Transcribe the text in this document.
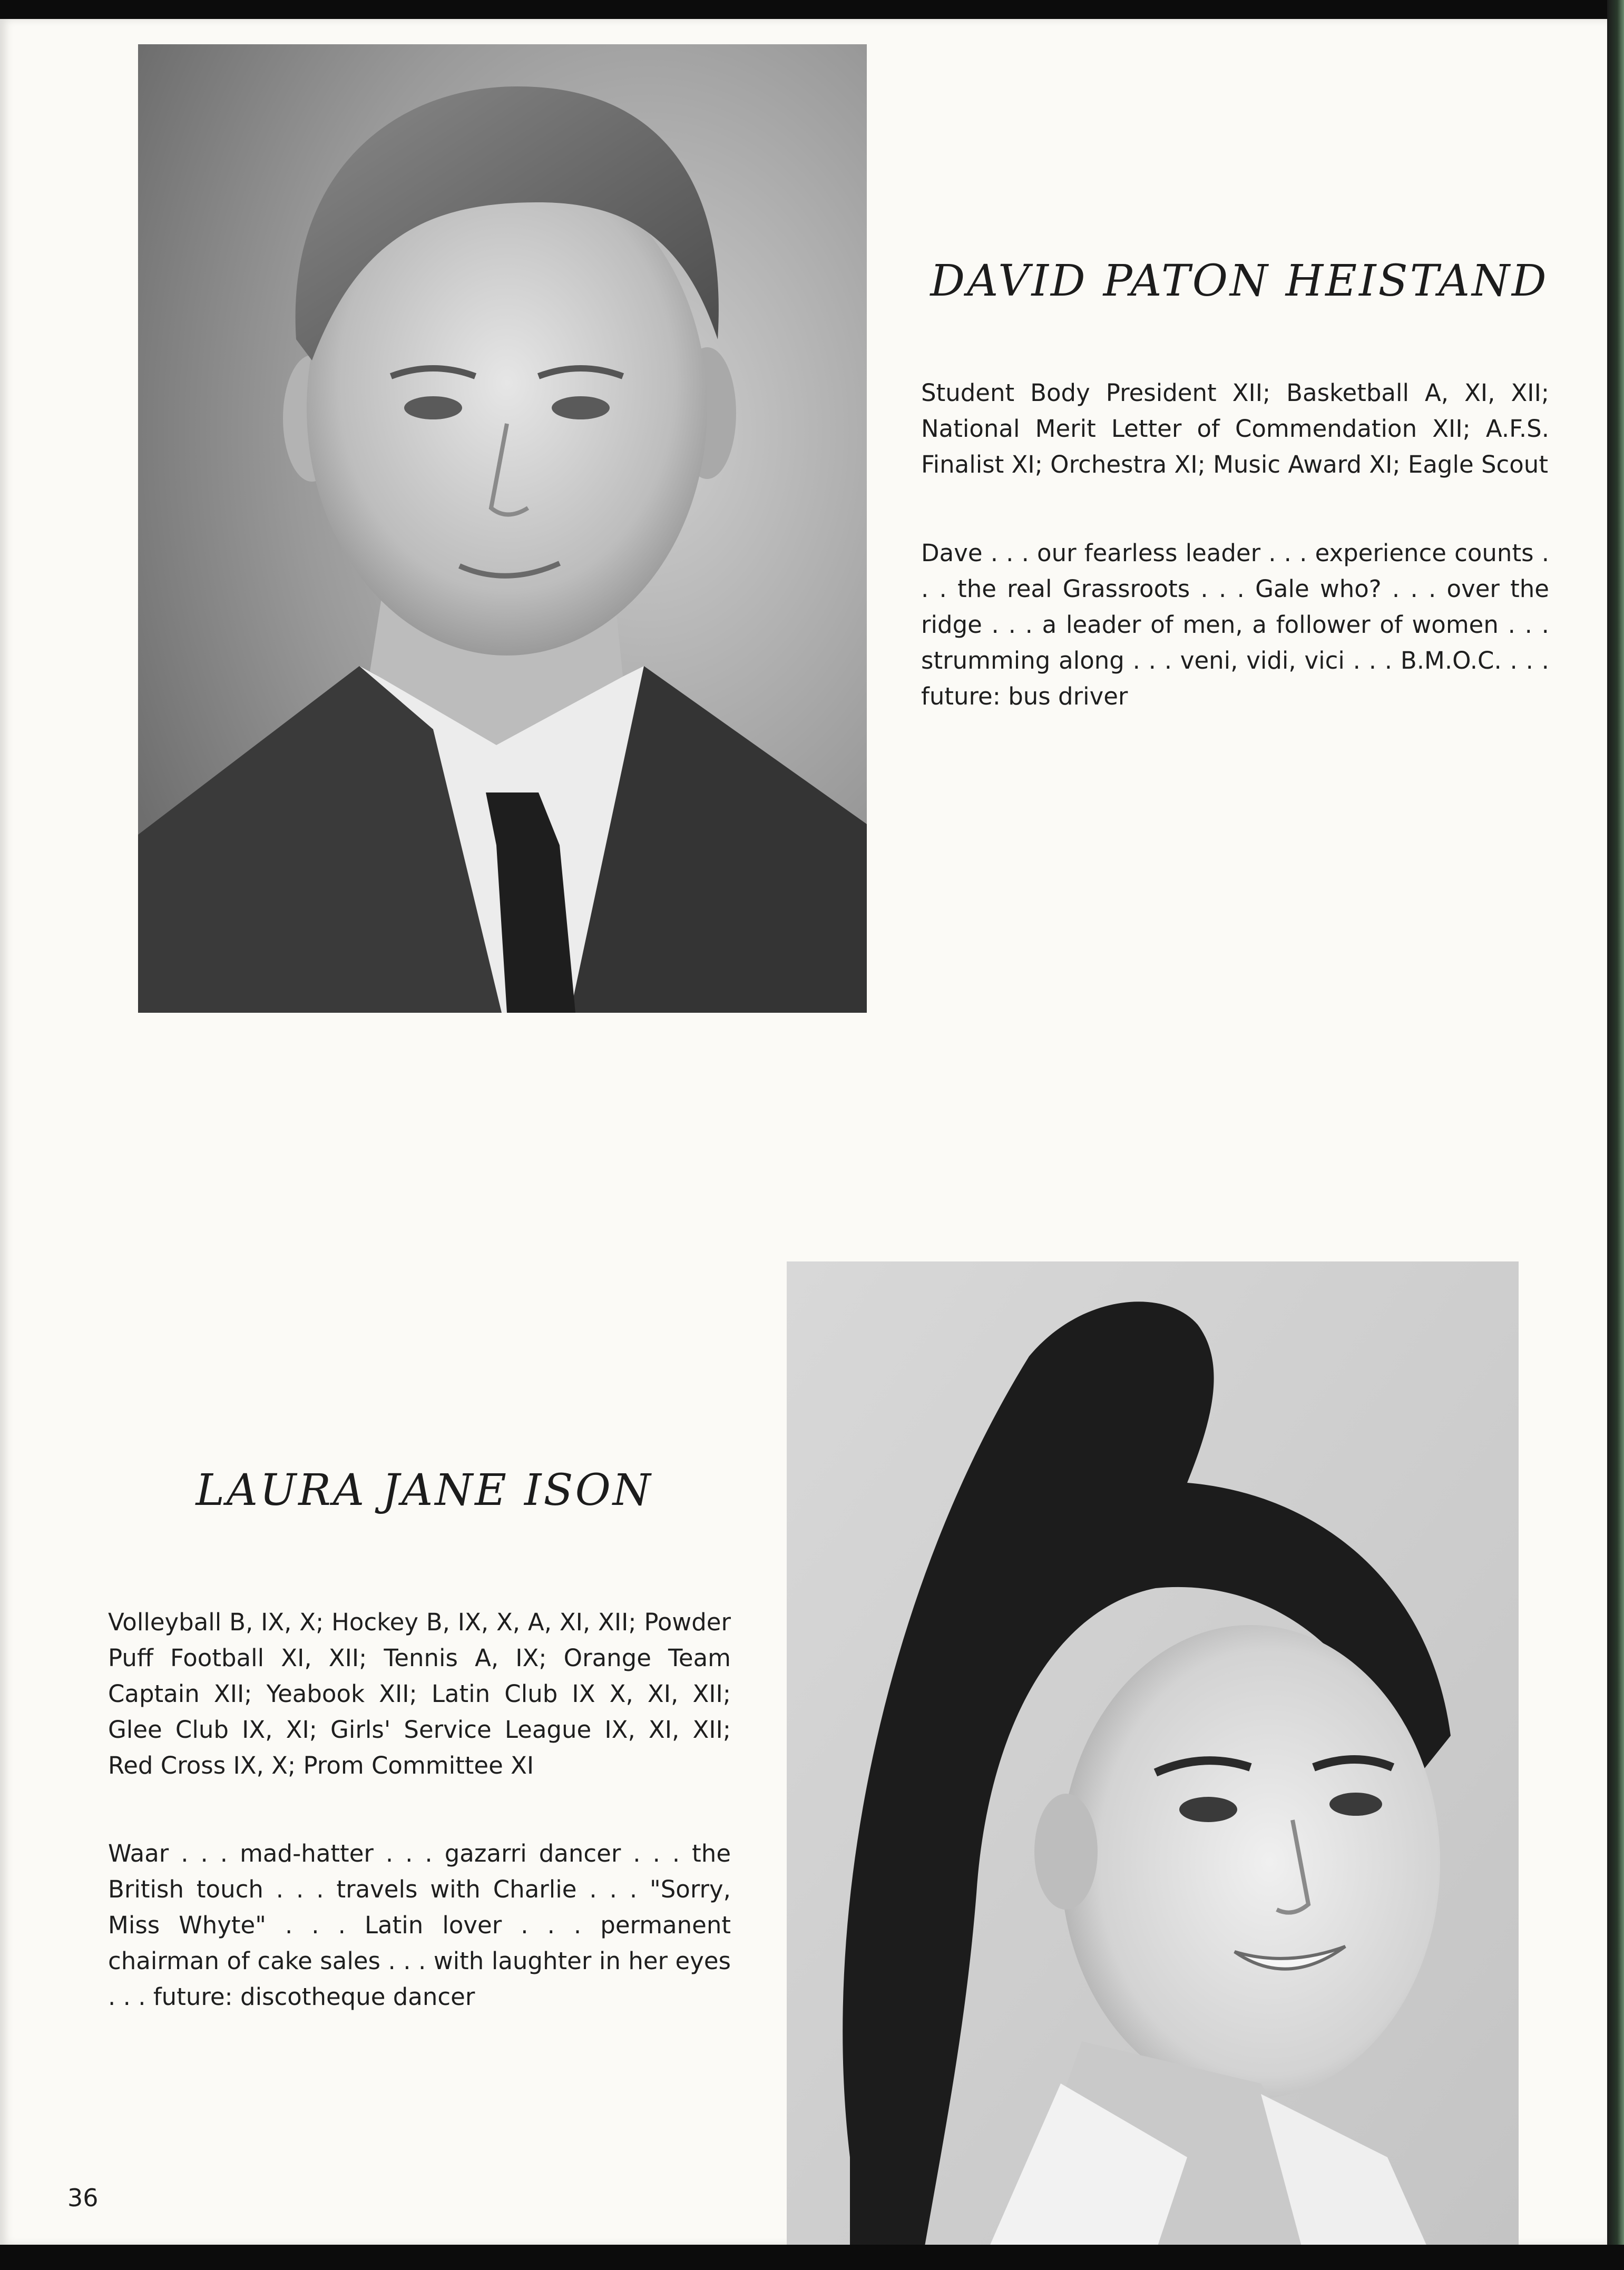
DAVID PATON HEISTAND

Student Body President XII; Basketball A, XI, XII; National Merit Letter of Commendation XII; A.F.S. Finalist XI; Orchestra XI; Music Award XI; Eagle Scout

Dave . . . our fearless leader . . . experience counts . . . the real Grassroots . . . Gale who? . . . over the ridge . . . a leader of men, a follower of women . . . strumming along . . . veni, vidi, vici . . . B.M.O.C. . . . future: bus driver

LAURA JANE ISON

Volleyball B, IX, X; Hockey B, IX, X, A, XI, XII; Powder Puff Football XI, XII; Tennis A, IX; Orange Team Captain XII; Yeabook XII; Latin Club IX X, XI, XII; Glee Club IX, XI; Girls' Service League IX, XI, XII; Red Cross IX, X; Prom Committee XI

Waar . . . mad-hatter . . . gazarri dancer . . . the British touch . . . travels with Charlie . . . "Sorry, Miss Whyte" . . . Latin lover . . . permanent chairman of cake sales . . . with laughter in her eyes . . . future: discotheque dancer

36
